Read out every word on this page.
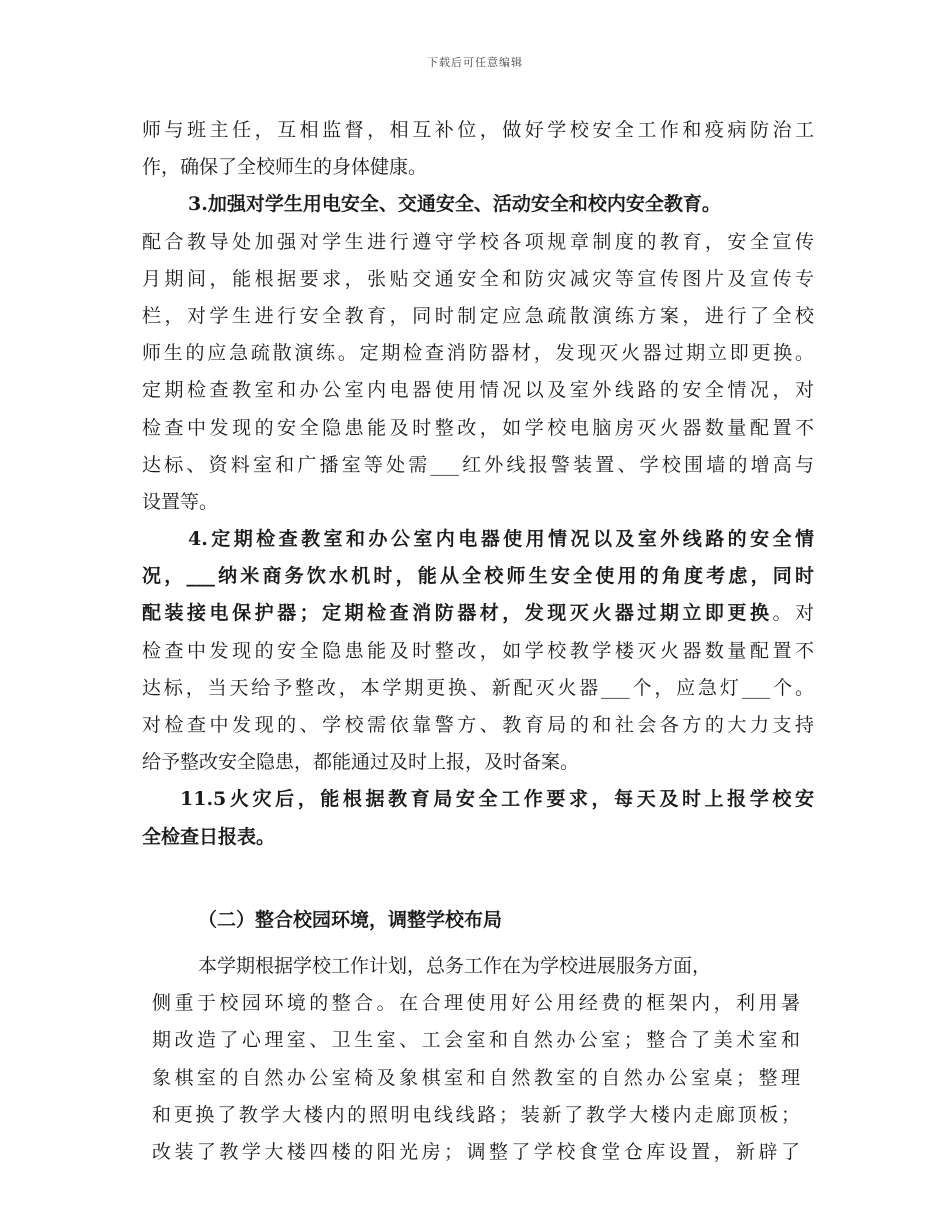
下载后可任意编辑
师与班主任，互相监督，相互补位，做好学校安全工作和疫病防治工
作，确保了全校师生的身体健康。
3.加强对学生用电安全、交通安全、活动安全和校内安全教育。
配合教导处加强对学生进行遵守学校各项规章制度的教育，安全宣传
月期间，能根据要求，张贴交通安全和防灾减灾等宣传图片及宣传专
栏，对学生进行安全教育，同时制定应急疏散演练方案，进行了全校
师生的应急疏散演练。定期检查消防器材，发现灭火器过期立即更换。
定期检查教室和办公室内电器使用情况以及室外线路的安全情况，对
检查中发现的安全隐患能及时整改，如学校电脑房灭火器数量配置不
达标、资料室和广播室等处需___红外线报警装置、学校围墙的增高与
设置等。
4.定期检查教室和办公室内电器使用情况以及室外线路的安全情
况，___纳米商务饮水机时，能从全校师生安全使用的角度考虑，同时
配装接电保护器；定期检查消防器材，发现灭火器过期立即更换。对
检查中发现的安全隐患能及时整改，如学校教学楼灭火器数量配置不
达标，当天给予整改，本学期更换、新配灭火器___个，应急灯___个。
对检查中发现的、学校需依靠警方、教育局的和社会各方的大力支持
给予整改安全隐患，都能通过及时上报，及时备案。
11.5火灾后，能根据教育局安全工作要求，每天及时上报学校安
全检查日报表。
（二）整合校园环境，调整学校布局
本学期根据学校工作计划，总务工作在为学校进展服务方面，
侧重于校园环境的整合。在合理使用好公用经费的框架内，利用暑
期改造了心理室、卫生室、工会室和自然办公室；整合了美术室和
象棋室的自然办公室椅及象棋室和自然教室的自然办公室桌；整理
和更换了教学大楼内的照明电线线路；装新了教学大楼内走廊顶板；
改装了教学大楼四楼的阳光房；调整了学校食堂仓库设置，新辟了
